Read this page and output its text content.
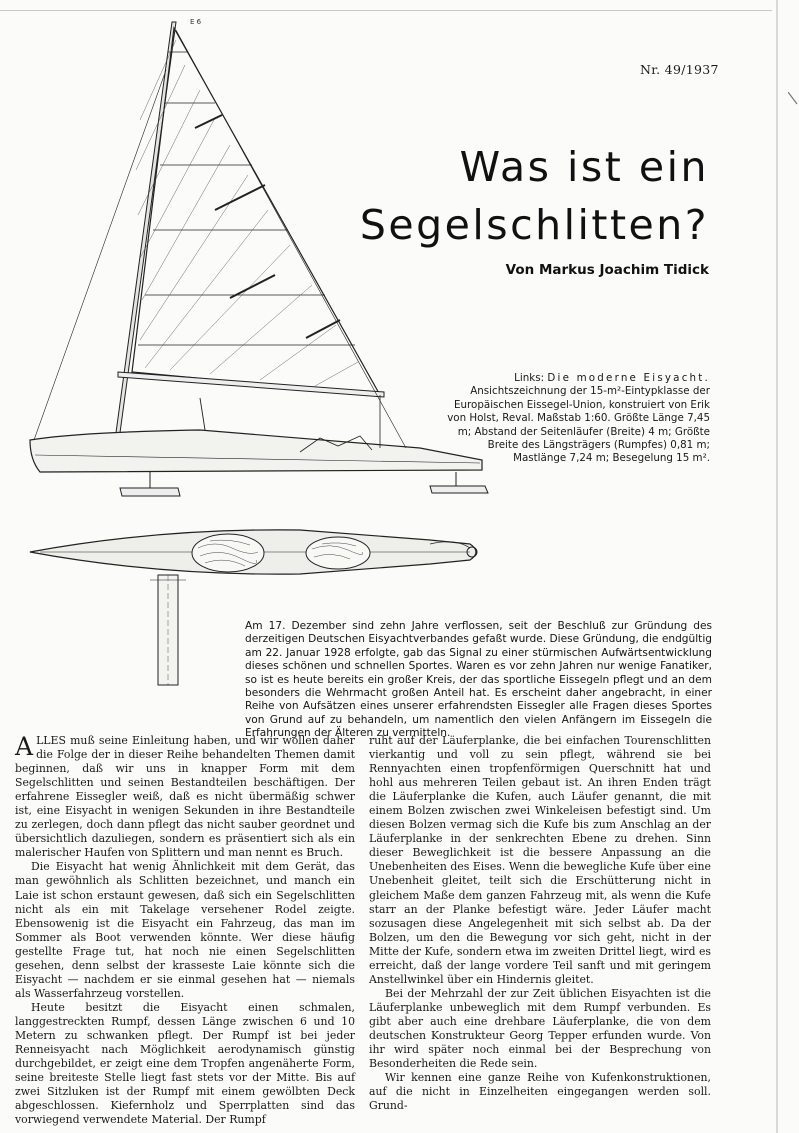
Nr. 49/1937
Was ist ein
Segelschlitten?
Von Markus Joachim Tidick
E 6
Links: Die moderne Eisyacht. Ansichtszeichnung der 15-m²-Eintypklasse der Europäischen Eissegel-Union, konstruiert von Erik von Holst, Reval. Maßstab 1:60. Größte Länge 7,45 m; Abstand der Seitenläufer (Breite) 4 m; Größte Breite des Längsträgers (Rumpfes) 0,81 m; Mastlänge 7,24 m; Besegelung 15 m².
Am 17. Dezember sind zehn Jahre verflossen, seit der Beschluß zur Gründung des derzeitigen Deutschen Eisyachtverbandes gefaßt wurde. Diese Gründung, die endgültig am 22. Januar 1928 erfolgte, gab das Signal zu einer stürmischen Aufwärtsentwicklung dieses schönen und schnellen Sportes. Waren es vor zehn Jahren nur wenige Fanatiker, so ist es heute bereits ein großer Kreis, der das sportliche Eissegeln pflegt und an dem besonders die Wehrmacht großen Anteil hat. Es erscheint daher angebracht, in einer Reihe von Aufsätzen eines unserer erfahrendsten Eissegler alle Fragen dieses Sportes von Grund auf zu behandeln, um namentlich den vielen Anfängern im Eissegeln die Erfahrungen der Älteren zu vermitteln.

ALLES muß seine Einleitung haben, und wir wollen daher die Folge der in dieser Reihe behandelten Themen damit beginnen, daß wir uns in knapper Form mit dem Segelschlitten und seinen Bestandteilen beschäftigen. Der erfahrene Eissegler weiß, daß es nicht übermäßig schwer ist, eine Eisyacht in wenigen Sekunden in ihre Bestandteile zu zerlegen, doch dann pflegt das nicht sauber geordnet und übersichtlich dazuliegen, sondern es präsentiert sich als ein malerischer Haufen von Splittern und man nennt es Bruch.

Die Eisyacht hat wenig Ähnlichkeit mit dem Gerät, das man gewöhnlich als Schlitten bezeichnet, und manch ein Laie ist schon erstaunt gewesen, daß sich ein Segelschlitten nicht als ein mit Takelage versehener Rodel zeigte. Ebensowenig ist die Eisyacht ein Fahrzeug, das man im Sommer als Boot verwenden könnte. Wer diese häufig gestellte Frage tut, hat noch nie einen Segelschlitten gesehen, denn selbst der krasseste Laie könnte sich die Eisyacht — nachdem er sie einmal gesehen hat — niemals als Wasserfahrzeug vorstellen.

Heute besitzt die Eisyacht einen schmalen, langgestreckten Rumpf, dessen Länge zwischen 6 und 10 Metern zu schwanken pflegt. Der Rumpf ist bei jeder Renneisyacht nach Möglichkeit aerodynamisch günstig durchgebildet, er zeigt eine dem Tropfen angenäherte Form, seine breiteste Stelle liegt fast stets vor der Mitte. Bis auf zwei Sitzluken ist der Rumpf mit einem gewölbten Deck abgeschlossen. Kiefernholz und Sperrplatten sind das vorwiegend verwendete Material. Der Rumpf

ruht auf der Läuferplanke, die bei einfachen Tourenschlitten vierkantig und voll zu sein pflegt, während sie bei Rennyachten einen tropfenförmigen Querschnitt hat und hohl aus mehreren Teilen gebaut ist. An ihren Enden trägt die Läuferplanke die Kufen, auch Läufer genannt, die mit einem Bolzen zwischen zwei Winkeleisen befestigt sind. Um diesen Bolzen vermag sich die Kufe bis zum Anschlag an der Läuferplanke in der senkrechten Ebene zu drehen. Sinn dieser Beweglichkeit ist die bessere Anpassung an die Unebenheiten des Eises. Wenn die bewegliche Kufe über eine Unebenheit gleitet, teilt sich die Erschütterung nicht in gleichem Maße dem ganzen Fahrzeug mit, als wenn die Kufe starr an der Planke befestigt wäre. Jeder Läufer macht sozusagen diese Angelegenheit mit sich selbst ab. Da der Bolzen, um den die Bewegung vor sich geht, nicht in der Mitte der Kufe, sondern etwa im zweiten Drittel liegt, wird es erreicht, daß der lange vordere Teil sanft und mit geringem Anstellwinkel über ein Hindernis gleitet.

Bei der Mehrzahl der zur Zeit üblichen Eisyachten ist die Läuferplanke unbeweglich mit dem Rumpf verbunden. Es gibt aber auch eine drehbare Läuferplanke, die von dem deutschen Konstrukteur Georg Tepper erfunden wurde. Von ihr wird später noch einmal bei der Besprechung von Besonderheiten die Rede sein.

Wir kennen eine ganze Reihe von Kufenkonstruktionen, auf die nicht in Einzelheiten eingegangen werden soll. Grund-
